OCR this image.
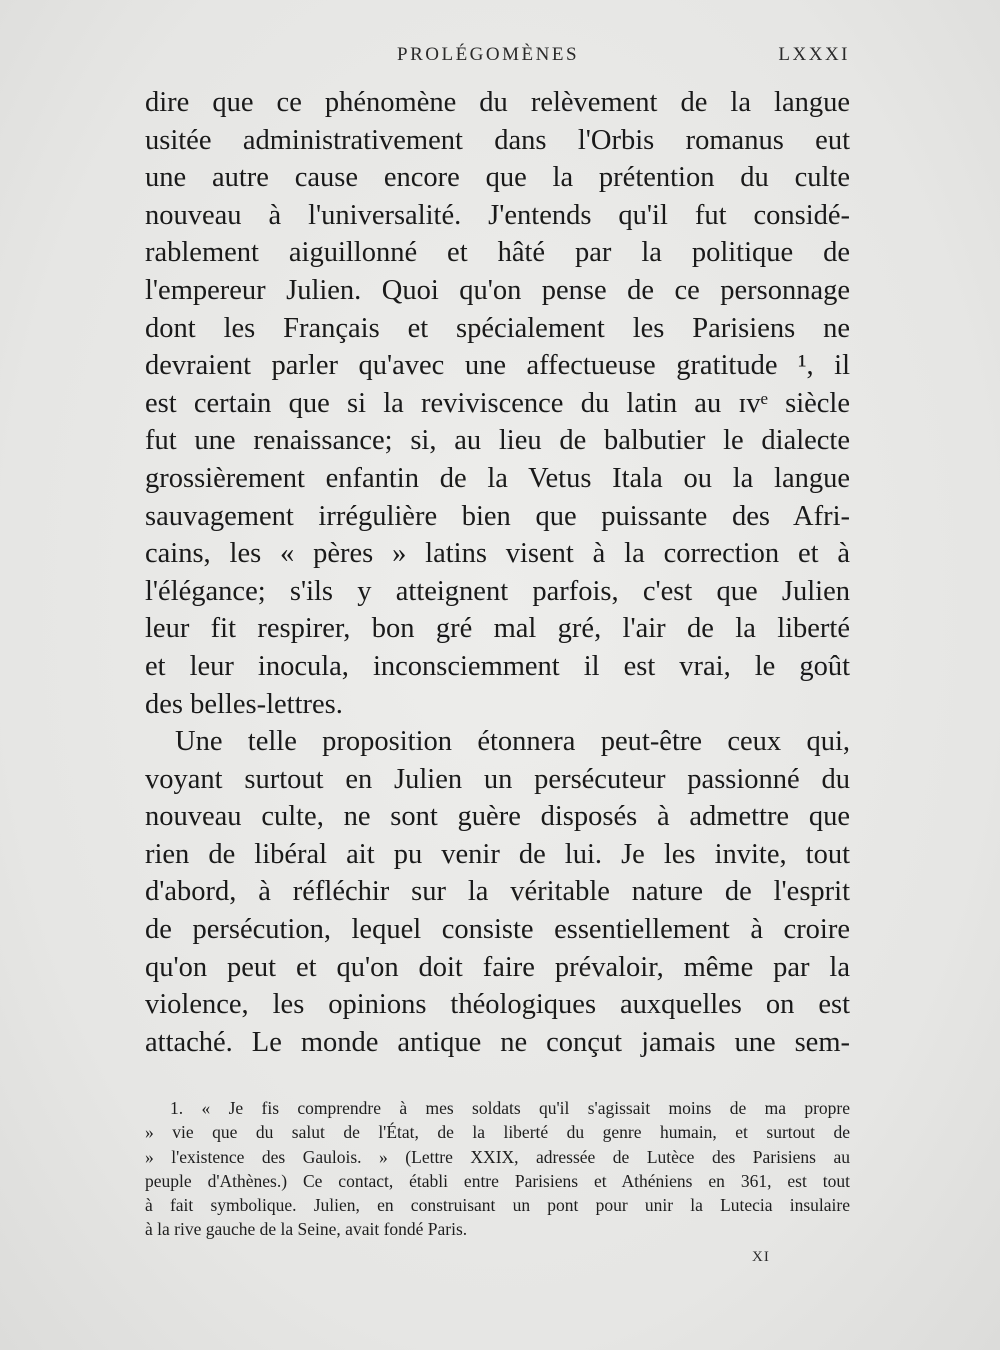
PROLÉGOMÈNES	LXXXI
dire que ce phénomène du relèvement de la langue
usitée administrativement dans l'Orbis romanus eut
une autre cause encore que la prétention du culte
nouveau à l'universalité. J'entends qu'il fut considé-
rablement aiguillonné et hâté par la politique de
l'empereur Julien. Quoi qu'on pense de ce personnage
dont les Français et spécialement les Parisiens ne
devraient parler qu'avec une affectueuse gratitude ¹, il
est certain que si la reviviscence du latin au ɪvᵉ siècle
fut une renaissance; si, au lieu de balbutier le dialecte
grossièrement enfantin de la Vetus Itala ou la langue
sauvagement irrégulière bien que puissante des Afri-
cains, les « pères » latins visent à la correction et à
l'élégance; s'ils y atteignent parfois, c'est que Julien
leur fit respirer, bon gré mal gré, l'air de la liberté
et leur inocula, inconsciemment il est vrai, le goût
des belles-lettres.
Une telle proposition étonnera peut-être ceux qui,
voyant surtout en Julien un persécuteur passionné du
nouveau culte, ne sont guère disposés à admettre que
rien de libéral ait pu venir de lui. Je les invite, tout
d'abord, à réfléchir sur la véritable nature de l'esprit
de persécution, lequel consiste essentiellement à croire
qu'on peut et qu'on doit faire prévaloir, même par la
violence, les opinions théologiques auxquelles on est
attaché. Le monde antique ne conçut jamais une sem-
1. « Je fis comprendre à mes soldats qu'il s'agissait moins de ma propre
» vie que du salut de l'État, de la liberté du genre humain, et surtout de
» l'existence des Gaulois. » (Lettre XXIX, adressée de Lutèce des Parisiens au
peuple d'Athènes.) Ce contact, établi entre Parisiens et Athéniens en 361, est tout
à fait symbolique. Julien, en construisant un pont pour unir la Lutecia insulaire
à la rive gauche de la Seine, avait fondé Paris.
XI
